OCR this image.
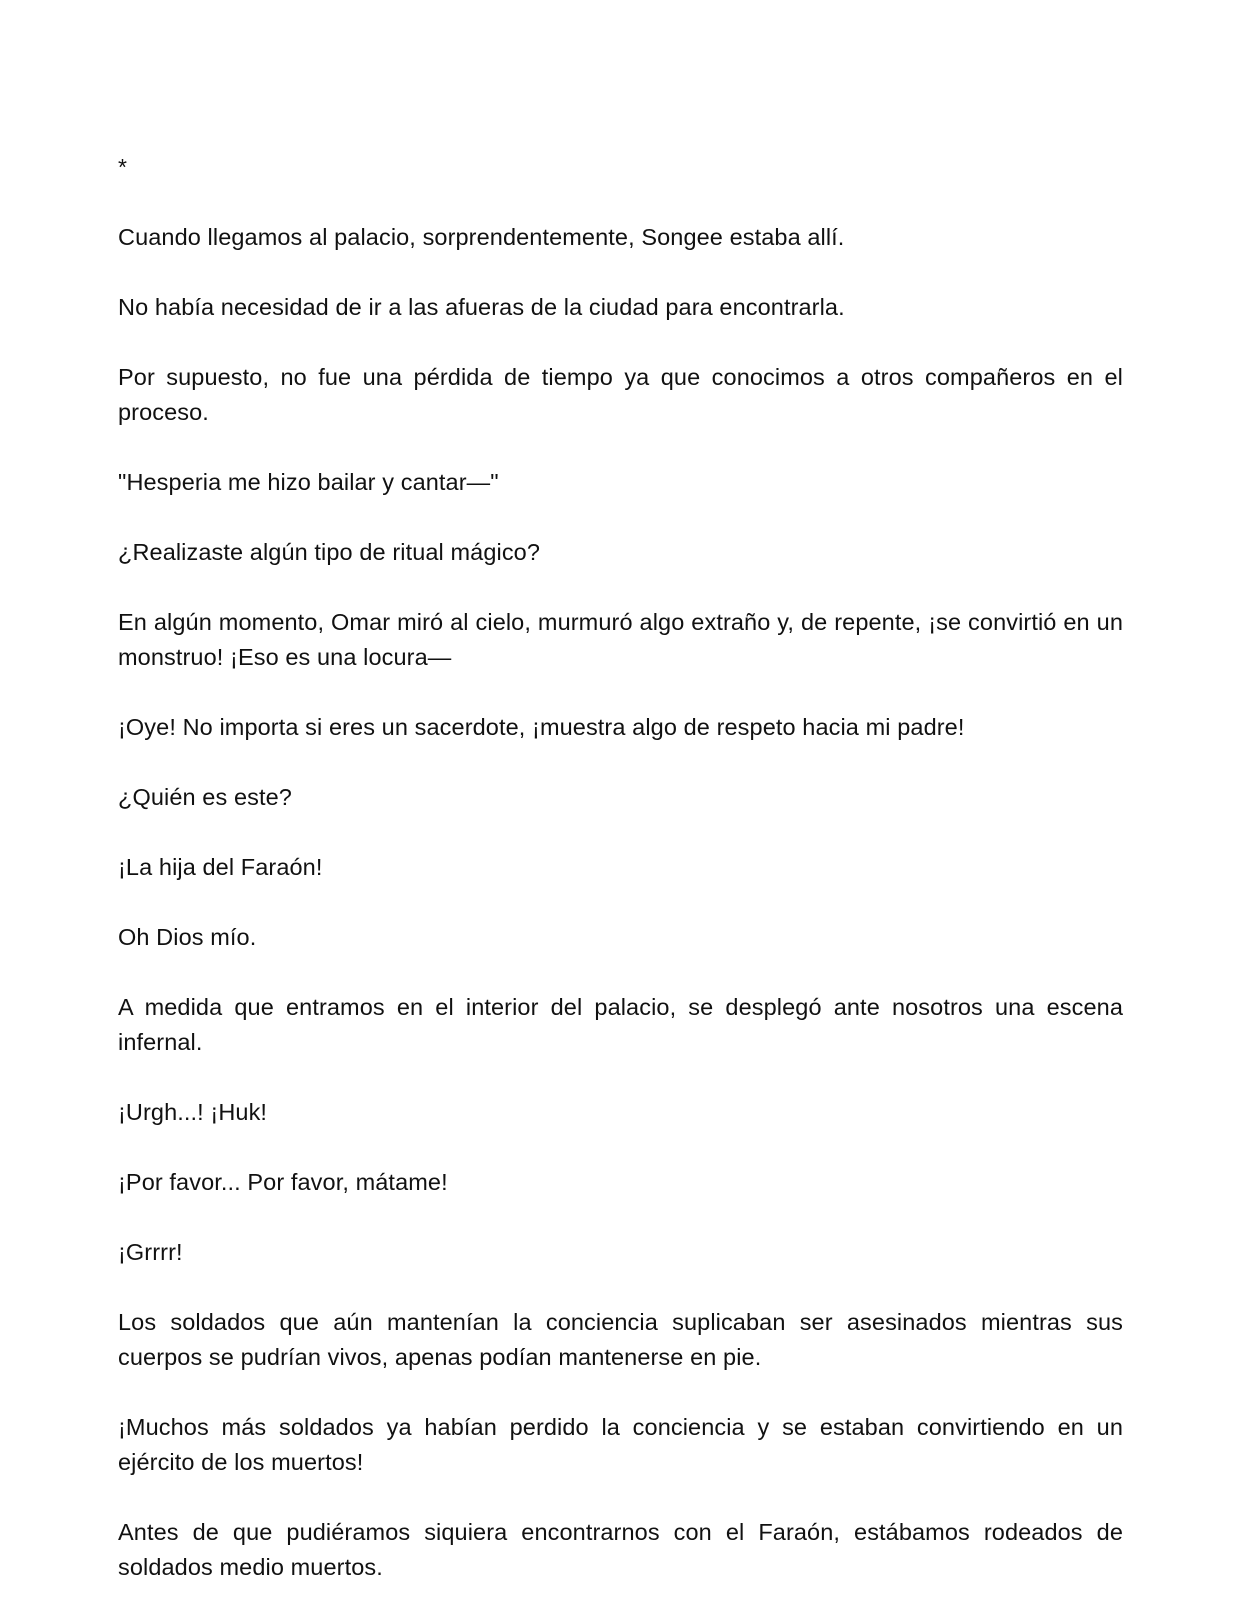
*

Cuando llegamos al palacio, sorprendentemente, Songee estaba allí.

No había necesidad de ir a las afueras de la ciudad para encontrarla.

Por supuesto, no fue una pérdida de tiempo ya que conocimos a otros compañeros en el proceso.

"Hesperia me hizo bailar y cantar—"

¿Realizaste algún tipo de ritual mágico?

En algún momento, Omar miró al cielo, murmuró algo extraño y, de repente, ¡se convirtió en un monstruo! ¡Eso es una locura—

¡Oye! No importa si eres un sacerdote, ¡muestra algo de respeto hacia mi padre!

¿Quién es este?

¡La hija del Faraón!

Oh Dios mío.

A medida que entramos en el interior del palacio, se desplegó ante nosotros una escena infernal.

¡Urgh...! ¡Huk!

¡Por favor... Por favor, mátame!

¡Grrrr!

Los soldados que aún mantenían la conciencia suplicaban ser asesinados mientras sus cuerpos se pudrían vivos, apenas podían mantenerse en pie.

¡Muchos más soldados ya habían perdido la conciencia y se estaban convirtiendo en un ejército de los muertos!

Antes de que pudiéramos siquiera encontrarnos con el Faraón, estábamos rodeados de soldados medio muertos.
